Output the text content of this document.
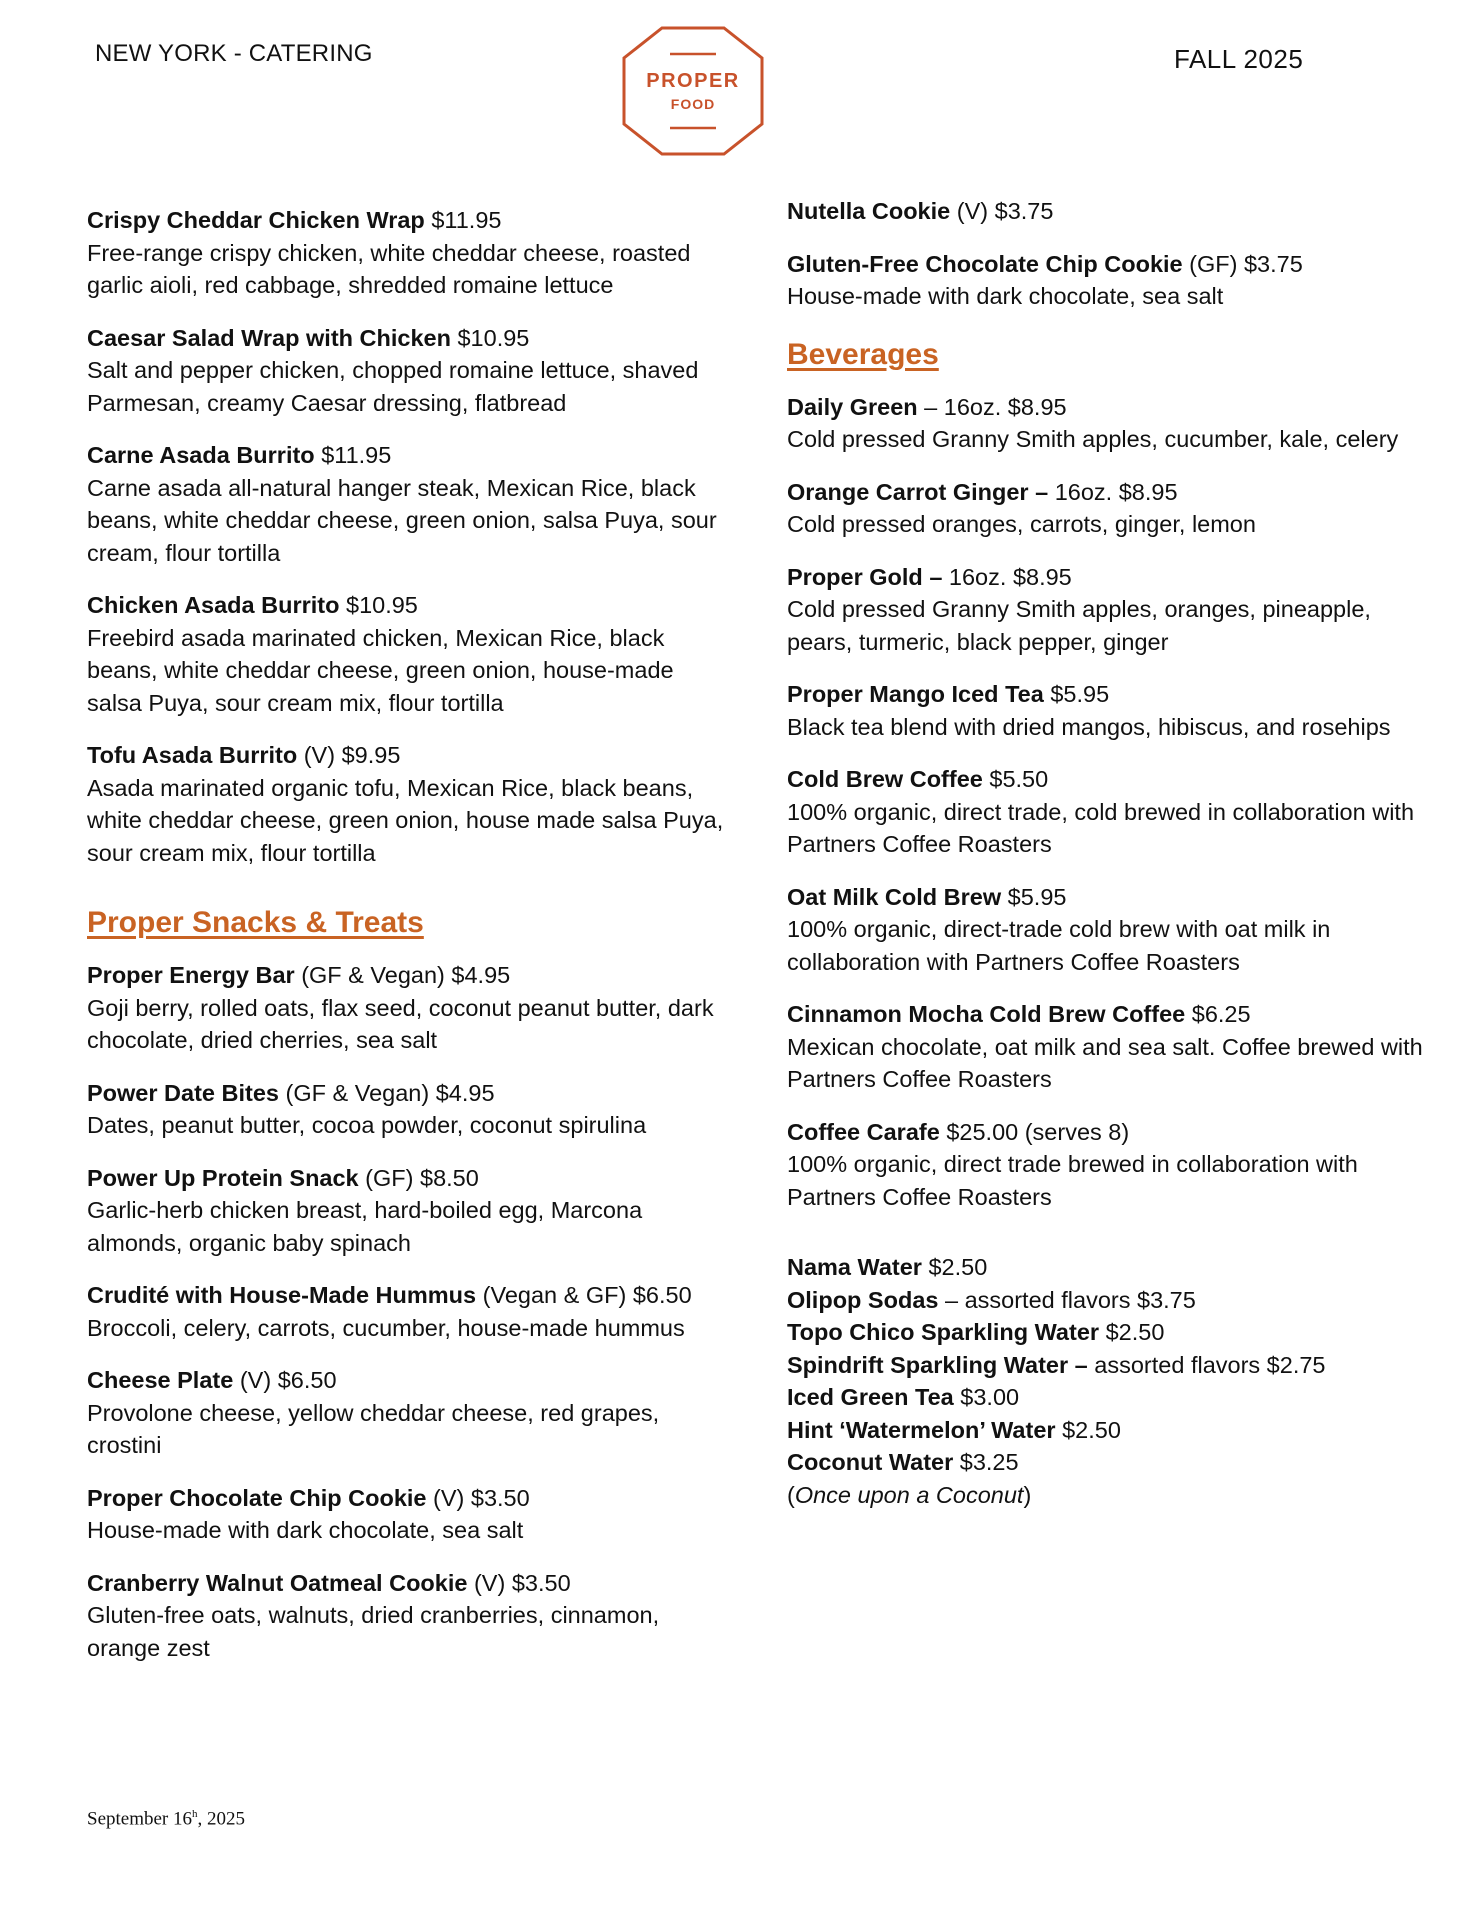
NEW YORK - CATERING
PROPER
FOOD
FALL 2025
Crispy Cheddar Chicken Wrap $11.95
Free-range crispy chicken, white cheddar cheese, roasted garlic aioli, red cabbage, shredded romaine lettuce
Caesar Salad Wrap with Chicken $10.95
Salt and pepper chicken, chopped romaine lettuce, shaved Parmesan, creamy Caesar dressing, flatbread
Carne Asada Burrito $11.95
Carne asada all-natural hanger steak, Mexican Rice, black beans, white cheddar cheese, green onion, salsa Puya, sour cream, flour tortilla
Chicken Asada Burrito $10.95
Freebird asada marinated chicken, Mexican Rice, black beans, white cheddar cheese, green onion, house-made salsa Puya, sour cream mix, flour tortilla
Tofu Asada Burrito (V) $9.95
Asada marinated organic tofu, Mexican Rice, black beans, white cheddar cheese, green onion, house made salsa Puya, sour cream mix, flour tortilla
Proper Snacks & Treats
Proper Energy Bar (GF & Vegan) $4.95
Goji berry, rolled oats, flax seed, coconut peanut butter, dark chocolate, dried cherries, sea salt
Power Date Bites (GF & Vegan) $4.95
Dates, peanut butter, cocoa powder, coconut spirulina
Power Up Protein Snack (GF) $8.50
Garlic-herb chicken breast, hard-boiled egg, Marcona almonds, organic baby spinach
Crudité with House-Made Hummus (Vegan & GF) $6.50
Broccoli, celery, carrots, cucumber, house-made hummus
Cheese Plate (V) $6.50
Provolone cheese, yellow cheddar cheese, red grapes, crostini
Proper Chocolate Chip Cookie (V) $3.50
House-made with dark chocolate, sea salt
Cranberry Walnut Oatmeal Cookie (V) $3.50
Gluten-free oats, walnuts, dried cranberries, cinnamon, orange zest
Nutella Cookie (V) $3.75
Gluten-Free Chocolate Chip Cookie (GF) $3.75
House-made with dark chocolate, sea salt
Beverages
Daily Green – 16oz. $8.95
Cold pressed Granny Smith apples, cucumber, kale, celery
Orange Carrot Ginger – 16oz. $8.95
Cold pressed oranges, carrots, ginger, lemon
Proper Gold – 16oz. $8.95
Cold pressed Granny Smith apples, oranges, pineapple, pears, turmeric, black pepper, ginger
Proper Mango Iced Tea $5.95
Black tea blend with dried mangos, hibiscus, and rosehips
Cold Brew Coffee $5.50
100% organic, direct trade, cold brewed in collaboration with Partners Coffee Roasters
Oat Milk Cold Brew $5.95
100% organic, direct-trade cold brew with oat milk in collaboration with Partners Coffee Roasters
Cinnamon Mocha Cold Brew Coffee $6.25
Mexican chocolate, oat milk and sea salt. Coffee brewed with Partners Coffee Roasters
Coffee Carafe $25.00 (serves 8)
100% organic, direct trade brewed in collaboration with Partners Coffee Roasters
Nama Water $2.50
Olipop Sodas – assorted flavors $3.75
Topo Chico Sparkling Water $2.50
Spindrift Sparkling Water – assorted flavors $2.75
Iced Green Tea $3.00
Hint ‘Watermelon’ Water $2.50
Coconut Water $3.25
(Once upon a Coconut)
September 16$^h$, 2025
